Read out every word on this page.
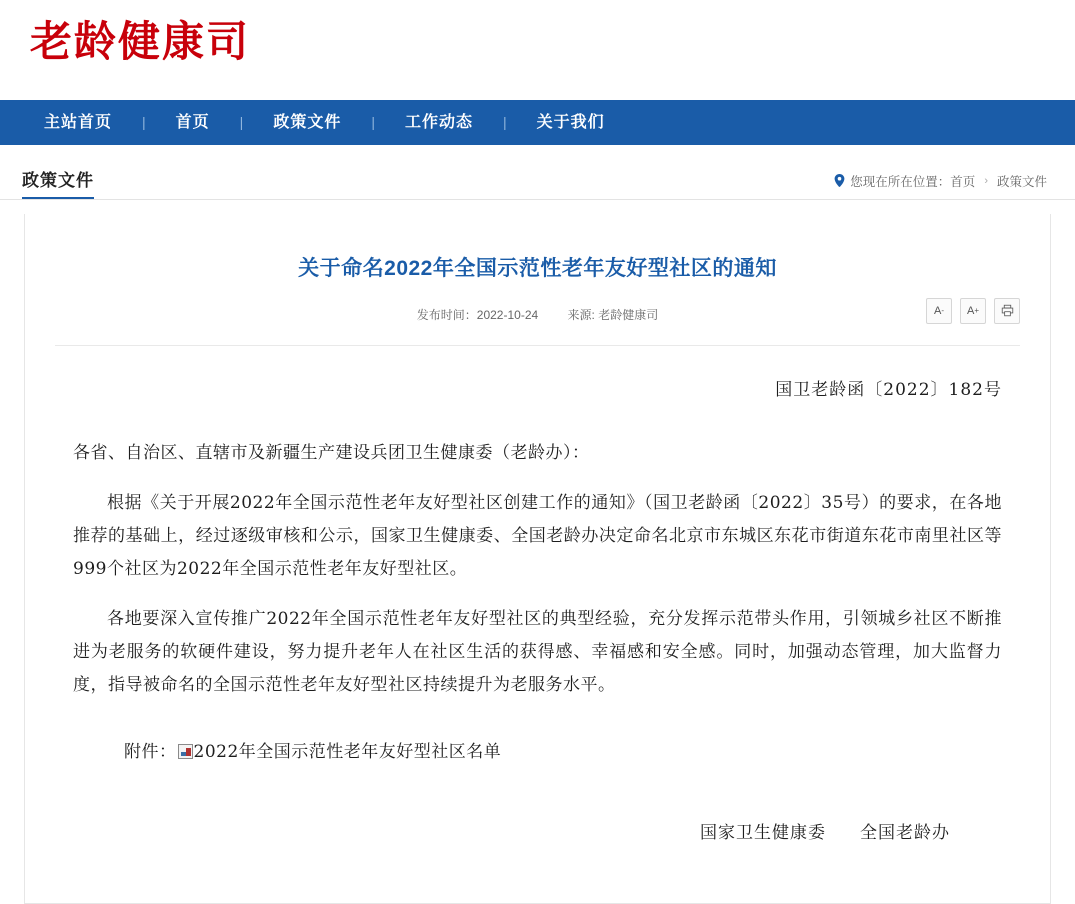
老龄健康司
主站首页	|	首页	|	政策文件	|	工作动态	|	关于我们
政策文件	您现在所在位置： 首页 › 政策文件
关于命名2022年全国示范性老年友好型社区的通知
发布时间：2022-10-24 来源: 老龄健康司	A - A +
国卫老龄函〔2022〕182号
各省、自治区、直辖市及新疆生产建设兵团卫生健康委（老龄办）：

根据《关于开展2022年全国示范性老年友好型社区创建工作的通知》（国卫老龄函〔2022〕35号）的要求，在各地推荐的基础上，经过逐级审核和公示，国家卫生健康委、全国老龄办决定命名北京市东城区东花市街道东花市南里社区等999个社区为2022年全国示范性老年友好型社区。

各地要深入宣传推广2022年全国示范性老年友好型社区的典型经验，充分发挥示范带头作用，引领城乡社区不断推进为老服务的软硬件建设，努力提升老年人在社区生活的获得感、幸福感和安全感。同时，加强动态管理，加大监督力度，指导被命名的全国示范性老年友好型社区持续提升为老服务水平。

附件： 2022年全国示范性老年友好型社区名单
国家卫生健康委 全国老龄办
